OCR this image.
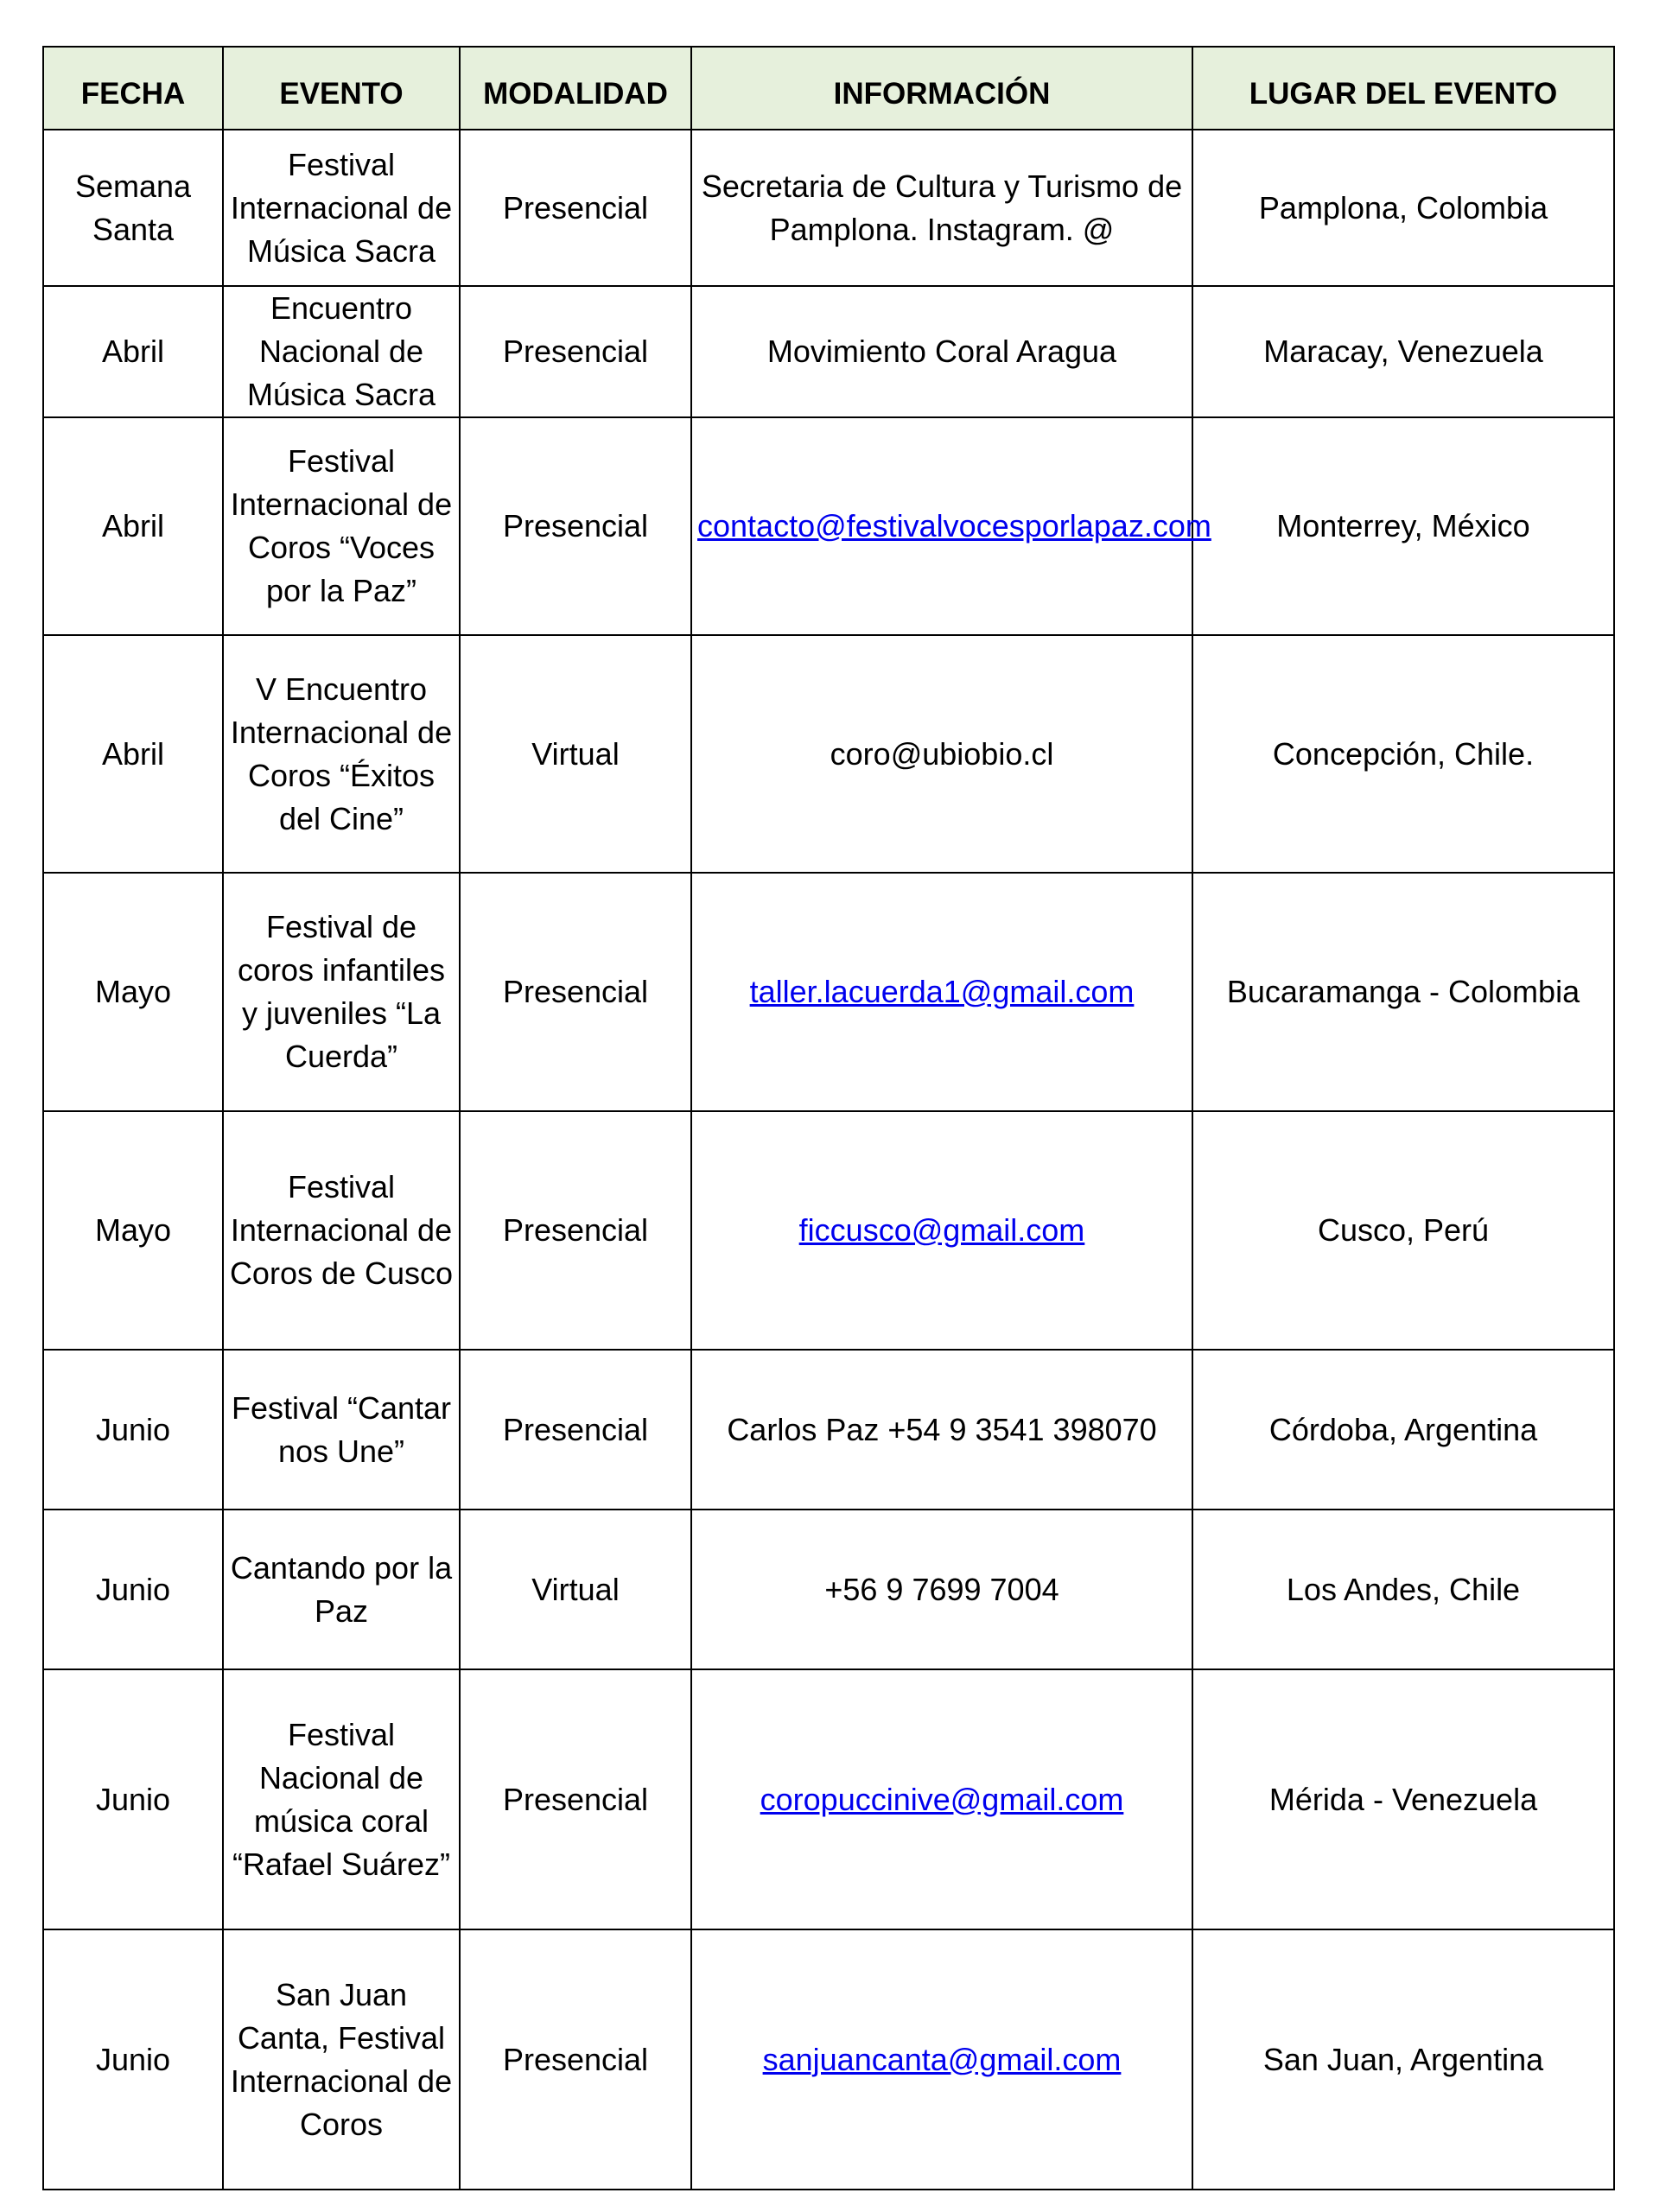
FECHA	EVENTO	MODALIDAD	INFORMACIÓN	LUGAR DEL EVENTO
Semana Santa	Festival Internacional de Música Sacra	Presencial	Secretaria de Cultura y Turismo de Pamplona. Instagram. @	Pamplona, Colombia
Abril	Encuentro Nacional de Música Sacra	Presencial	Movimiento Coral Aragua	Maracay, Venezuela
Abril	Festival Internacional de Coros “Voces por la Paz”	Presencial	contacto@festivalvocesporlapaz.com	Monterrey, México
Abril	V Encuentro Internacional de Coros “Éxitos del Cine”	Virtual	coro@ubiobio.cl	Concepción, Chile.
Mayo	Festival de coros infantiles y juveniles “La Cuerda”	Presencial	taller.lacuerda1@gmail.com	Bucaramanga - Colombia
Mayo	Festival Internacional de Coros de Cusco	Presencial	ficcusco@gmail.com	Cusco, Perú
Junio	Festival “Cantar nos Une”	Presencial	Carlos Paz +54 9 3541 398070	Córdoba, Argentina
Junio	Cantando por la Paz	Virtual	+56 9 7699 7004	Los Andes, Chile
Junio	Festival Nacional de música coral “Rafael Suárez”	Presencial	coropuccinive@gmail.com	Mérida - Venezuela
Junio	San Juan Canta, Festival Internacional de Coros	Presencial	sanjuancanta@gmail.com	San Juan, Argentina
